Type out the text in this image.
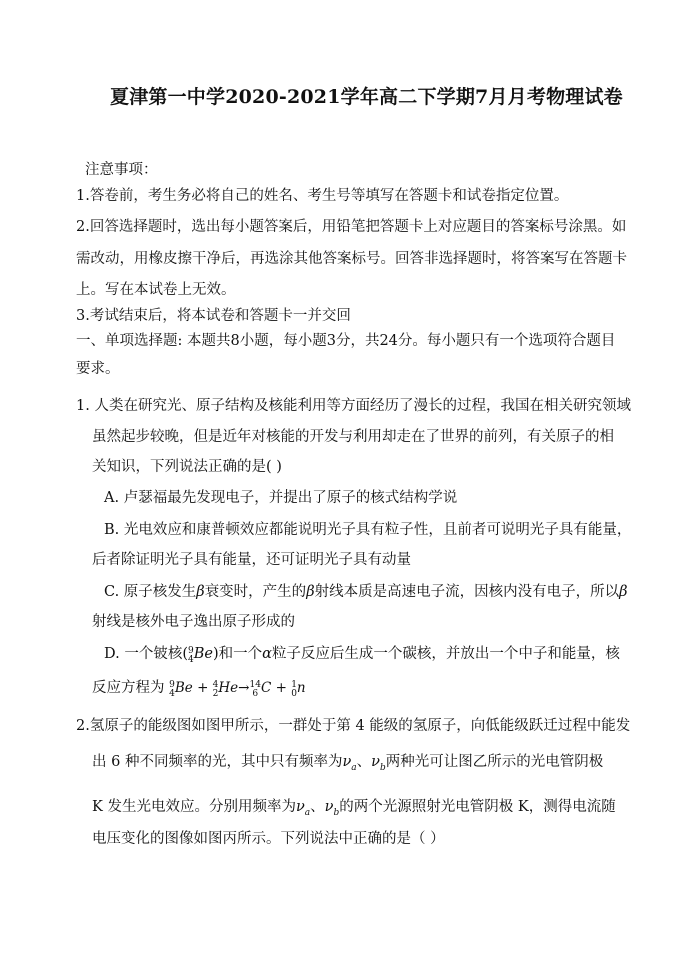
夏津第一中学2020-2021学年高二下学期7月月考物理试卷
注意事项：
1.答卷前，考生务必将自己的姓名、考生号等填写在答题卡和试卷指定位置。
2.回答选择题时，选出每小题答案后，用铅笔把答题卡上对应题目的答案标号涂黑。如
需改动，用橡皮擦干净后，再选涂其他答案标号。回答非选择题时，将答案写在答题卡
上。写在本试卷上无效。
3.考试结束后，将本试卷和答题卡一并交回
一、单项选择题: 本题共8小题，每小题3分，共24分。每小题只有一个选项符合题目
要求。
1. 人类在研究光、原子结构及核能利用等方面经历了漫长的过程，我国在相关研究领域
虽然起步较晚，但是近年对核能的开发与利用却走在了世界的前列，有关原子的相
关知识，下列说法正确的是( )
A. 卢瑟福最先发现电子，并提出了原子的核式结构学说
B. 光电效应和康普顿效应都能说明光子具有粒子性，且前者可说明光子具有能量，
后者除证明光子具有能量，还可证明光子具有动量
C. 原子核发生β衰变时，产生的β射线本质是高速电子流，因核内没有电子，所以β
射线是核外电子逸出原子形成的
D. 一个铍核(9
4Be)和一个α粒子反应后生成一个碳核，并放出一个中子和能量，核
反应方程为 9
4Be + 4
2He→14
6 C + 1
0n
2.氢原子的能级图如图甲所示，一群处于第 4 能级的氢原子，向低能级跃迁过程中能发
出 6 种不同频率的光，其中只有频率为$\nu_a$、$\nu_b$两种光可让图乙所示的光电管阴极
K 发生光电效应。分别用频率为$\nu_a$、$\nu_b$的两个光源照射光电管阴极 K，测得电流随
电压变化的图像如图丙所示。下列说法中正确的是（ ）
